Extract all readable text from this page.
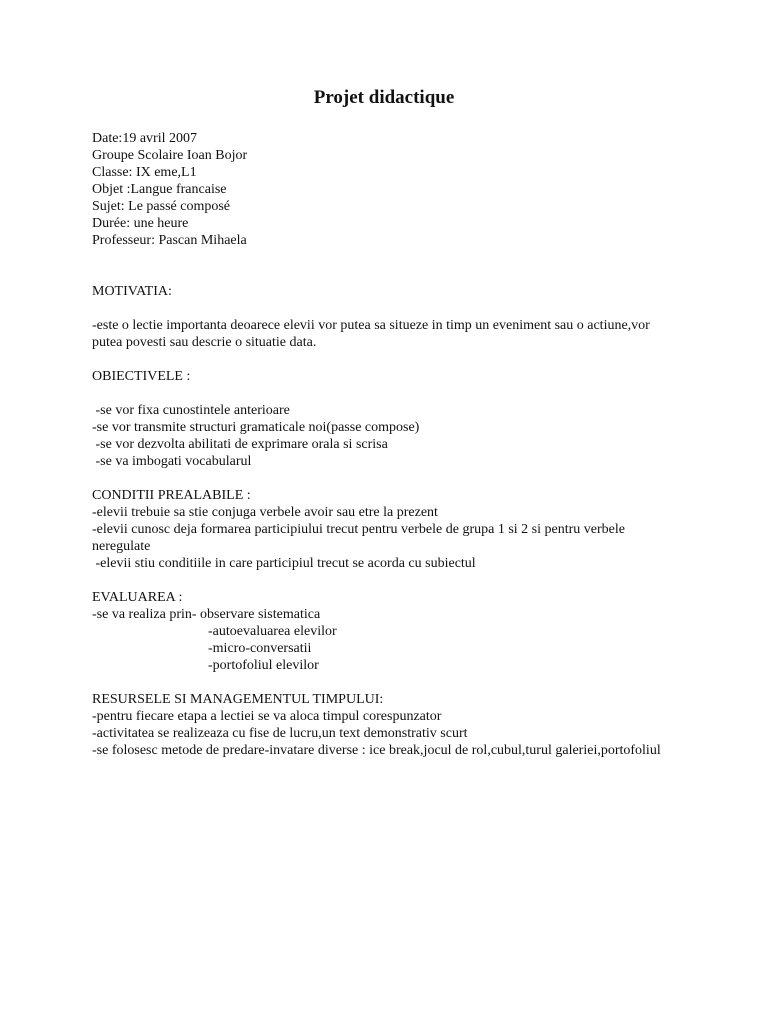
Projet didactique
Date:19 avril 2007
Groupe Scolaire Ioan Bojor
Classe: IX eme,L1
Objet :Langue francaise
Sujet: Le passé composé
Durée: une heure
Professeur: Pascan Mihaela
MOTIVATIA:
-este o lectie importanta deoarece elevii vor putea sa situeze in timp un eveniment sau o actiune,vor putea povesti sau descrie o situatie data.
OBIECTIVELE :
-se vor fixa cunostintele anterioare
-se vor transmite structuri gramaticale noi(passe compose)
-se vor dezvolta abilitati de exprimare orala si scrisa
-se va imbogati vocabularul
CONDITII PREALABILE :
-elevii trebuie sa stie conjuga verbele avoir sau etre la prezent
-elevii cunosc deja formarea participiului trecut pentru verbele de grupa 1 si 2 si pentru verbele neregulate
-elevii stiu conditiile in care participiul trecut se acorda cu subiectul
EVALUAREA :
-se va realiza prin- observare sistematica
-autoevaluarea elevilor
-micro-conversatii
-portofoliul elevilor
RESURSELE SI MANAGEMENTUL TIMPULUI:
-pentru fiecare etapa a lectiei se va aloca timpul corespunzator
-activitatea se realizeaza cu fise de lucru,un text demonstrativ scurt
-se folosesc metode de predare-invatare diverse : ice break,jocul de rol,cubul,turul galeriei,portofoliul
